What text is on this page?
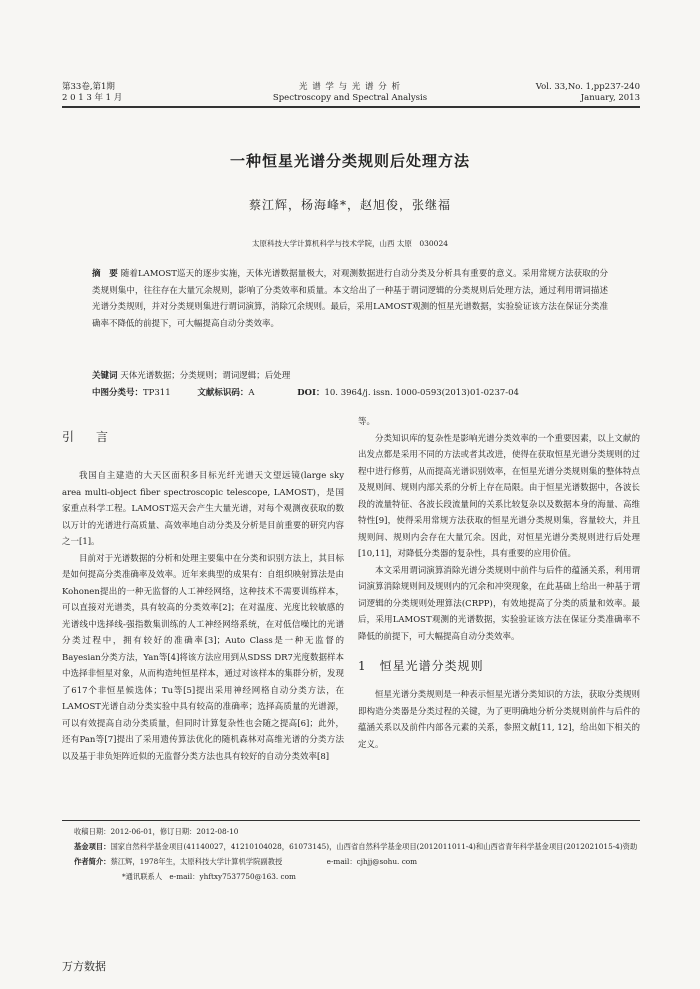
第33卷,第1期
2 0 1 3 年 1 月
光 谱 学 与 光 谱 分 析
Spectroscopy and Spectral Analysis
Vol. 33,No. 1,pp237-240
January, 2013
一种恒星光谱分类规则后处理方法
蔡江辉，杨海峰*，赵旭俊，张继福
太原科技大学计算机科学与技术学院，山西 太原　030024

摘　要 随着LAMOST巡天的逐步实施，天体光谱数据量极大，对观测数据进行自动分类及分析具有重要的意义。采用常规方法获取的分类规则集中，往往存在大量冗余规则，影响了分类效率和质量。本文给出了一种基于谓词逻辑的分类规则后处理方法，通过利用谓词描述光谱分类规则，并对分类规则集进行谓词演算，消除冗余规则。最后，采用LAMOST观测的恒星光谱数据，实验验证该方法在保证分类准确率不降低的前提下，可大幅提高自动分类效率。

关键词 天体光谱数据；分类规则；谓词逻辑；后处理

中图分类号：TP311	文献标识码：A	DOI：10. 3964/j. issn. 1000-0593(2013)01-0237-04

引　言

我国自主建造的大天区面积多目标光纤光谱天文望远镜(large sky area multi-object fiber spectroscopic telescope, LAMOST)，是国家重点科学工程。LAMOST巡天会产生大量光谱，对每个观测夜获取的数以万计的光谱进行高质量、高效率地自动分类及分析是目前重要的研究内容之一[1]。

目前对于光谱数据的分析和处理主要集中在分类和识别方法上，其目标是如何提高分类准确率及效率。近年来典型的成果有：自组织映射算法是由Kohonen提出的一种无监督的人工神经网络，这种技术不需要训练样本，可以直接对光谱类，具有较高的分类效率[2]；在对温度、光度比较敏感的光谱线中选择线-强指数集训练的人工神经网络系统，在对低信噪比的光谱分类过程中，拥有较好的准确率[3]；Auto Class是一种无监督的Bayesian分类方法，Yan等[4]将该方法应用到从SDSS DR7光度数据样本中选择非恒星对象，从而构造纯恒星样本，通过对该样本的集群分析，发现了617个非恒星候选体；Tu等[5]提出采用神经网格自动分类方法，在LAMOST光谱自动分类实验中具有较高的准确率；选择高质量的光谱源，可以有效提高自动分类质量，但同时计算复杂性也会随之提高[6]；此外，还有Pan等[7]提出了采用遗传算法优化的随机森林对高维光谱的分类方法以及基于非负矩阵近似的无监督分类方法也具有较好的自动分类效率[8]

等。

分类知识库的复杂性是影响光谱分类效率的一个重要因素，以上文献的出发点都是采用不同的方法或者其改进，使得在获取恒星光谱分类规则的过程中进行修剪，从而提高光谱识别效率，在恒星光谱分类规则集的整体特点及规则间、规则内部关系的分析上存在局限。由于恒星光谱数据中，各波长段的流量特征、各波长段流量间的关系比较复杂以及数据本身的海量、高维特性[9]，使得采用常规方法获取的恒星光谱分类规则集，容量较大，并且规则间、规则内会存在大量冗余。因此，对恒星光谱分类规则进行后处理[10,11]，对降低分类器的复杂性，具有重要的应用价值。

本文采用谓词演算消除光谱分类规则中前件与后件的蕴涵关系，利用谓词演算消除规则间及规则内的冗余和冲突现象，在此基础上给出一种基于谓词逻辑的分类规则处理算法(CRPP)，有效地提高了分类的质量和效率。最后，采用LAMOST观测的光谱数据，实验验证该方法在保证分类准确率不降低的前提下，可大幅提高自动分类效率。

1　恒星光谱分类规则

恒星光谱分类规则是一种表示恒星光谱分类知识的方法，获取分类规则即构造分类器是分类过程的关键，为了更明确地分析分类规则前件与后件的蕴涵关系以及前件内部各元素的关系，参照文献[11, 12]，给出如下相关的定义。

收稿日期：2012-06-01，修订日期：2012-08-10
基金项目： 国家自然科学基金项目(41140027，41210104028，61073145)，山西省自然科学基金项目(2012011011-4)和山西省青年科学基金项目(2012021015-4)资助
作者简介：蔡江辉，1978年生，太原科技大学计算机学院副教授	e-mail：cjhjj@sohu. com
*通讯联系人　e-mail：yhftxy7537750@163. com
万方数据
